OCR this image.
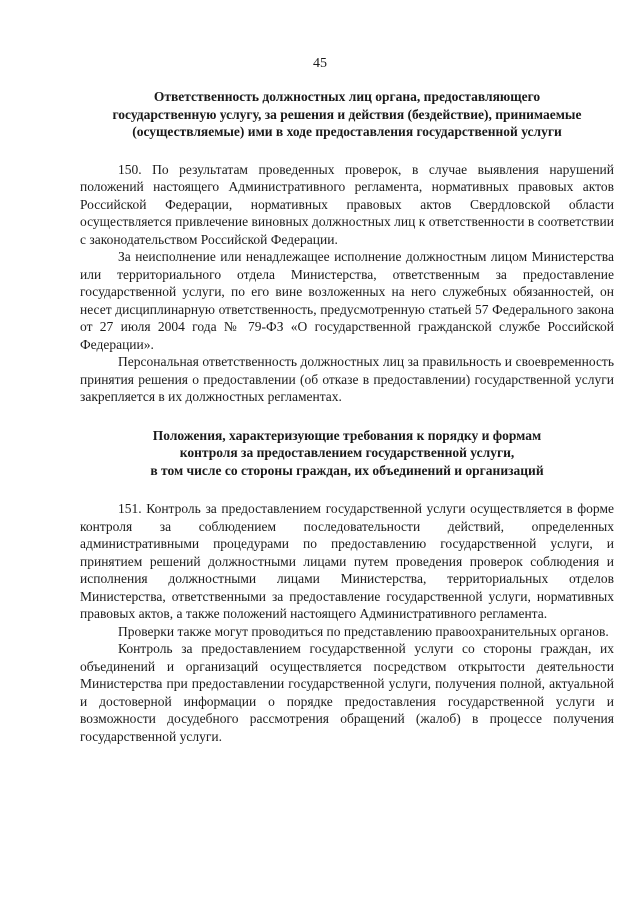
45
Ответственность должностных лиц органа, предоставляющего
государственную услугу, за решения и действия (бездействие), принимаемые
(осуществляемые) ими в ходе предоставления государственной услуги

150. По результатам проведенных проверок, в случае выявления нарушений положений настоящего Административного регламента, нормативных правовых актов Российской Федерации, нормативных правовых актов Свердловской области осуществляется привлечение виновных должностных лиц к ответственности в соответствии с законодательством Российской Федерации.

За неисполнение или ненадлежащее исполнение должностным лицом Министерства или территориального отдела Министерства, ответственным за предоставление государственной услуги, по его вине возложенных на него служебных обязанностей, он несет дисциплинарную ответственность, предусмотренную статьей 57 Федерального закона от 27 июля 2004 года № 79-ФЗ «О государственной гражданской службе Российской Федерации».

Персональная ответственность должностных лиц за правильность и своевременность принятия решения о предоставлении (об отказе в предоставлении) государственной услуги закрепляется в их должностных регламентах.

Положения, характеризующие требования к порядку и формам
контроля за предоставлением государственной услуги,
в том числе со стороны граждан, их объединений и организаций

151. Контроль за предоставлением государственной услуги осуществляется в форме контроля за соблюдением последовательности действий, определенных административными процедурами по предоставлению государственной услуги, и принятием решений должностными лицами путем проведения проверок соблюдения и исполнения должностными лицами Министерства, территориальных отделов Министерства, ответственными за предоставление государственной услуги, нормативных правовых актов, а также положений настоящего Административного регламента.

Проверки также могут проводиться по представлению правоохранительных органов.

Контроль за предоставлением государственной услуги со стороны граждан, их объединений и организаций осуществляется посредством открытости деятельности Министерства при предоставлении государственной услуги, получения полной, актуальной и достоверной информации о порядке предоставления государственной услуги и возможности досудебного рассмотрения обращений (жалоб) в процессе получения государственной услуги.
